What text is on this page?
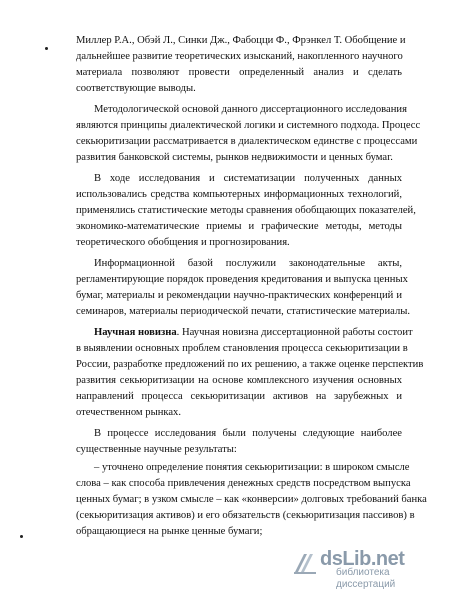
Миллер Р.А., Обэй Л., Синки Дж., Фабоцци Ф., Фрэнкел Т. Обобщение и
дальнейшее развитие теоретических изысканий, накопленного научного
материала позволяют провести определенный анализ и сделать
соответствующие выводы.
Методологической основой данного диссертационного исследования
являются принципы диалектической логики и системного подхода. Процесс
секьюритизации рассматривается в диалектическом единстве с процессами
развития банковской системы, рынков недвижимости и ценных бумаг.
В ходе исследования и систематизации полученных данных
использовались средства компьютерных информационных технологий,
применялись статистические методы сравнения обобщающих показателей,
экономико-математические приемы и графические методы, методы
теоретического обобщения и прогнозирования.
Информационной базой послужили законодательные акты,
регламентирующие порядок проведения кредитования и выпуска ценных
бумаг, материалы и рекомендации научно-практических конференций и
семинаров, материалы периодической печати, статистические материалы.
Научная новизна. Научная новизна диссертационной работы состоит
в выявлении основных проблем становления процесса секьюритизации в
России, разработке предложений по их решению, а также оценке перспектив
развития секьюритизации на основе комплексного изучения основных
направлений процесса секьюритизации активов на зарубежных и
отечественном рынках.
В процессе исследования были получены следующие наиболее
существенные научные результаты:
– уточнено определение понятия секьюритизации: в широком смысле
слова – как способа привлечения денежных средств посредством выпуска
ценных бумаг; в узком смысле – как «конверсии» долговых требований банка
(секьюритизация активов) и его обязательств (секьюритизация пассивов) в
обращающиеся на рынке ценные бумаги;
dsLib.net
библиотека диссертаций
